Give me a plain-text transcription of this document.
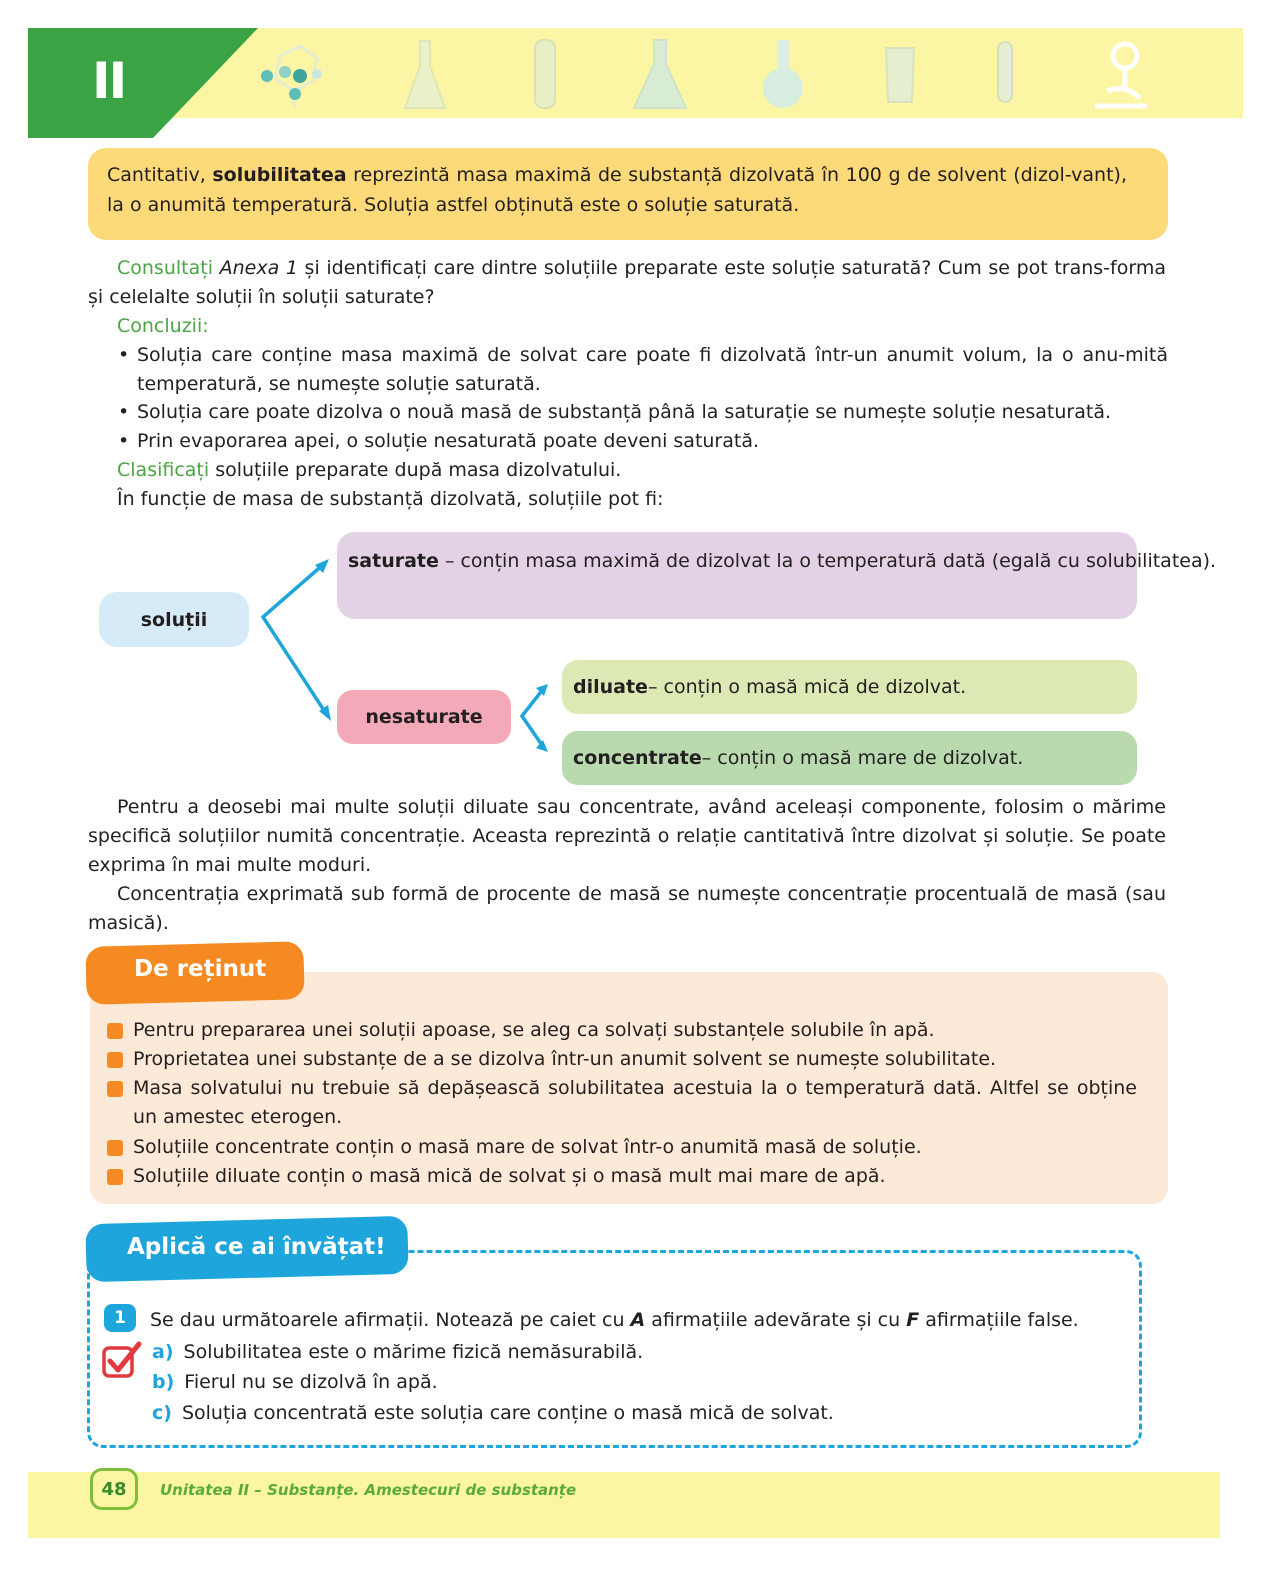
II
Cantitativ, solubilitatea reprezintă masa maximă de substanță dizolvată în 100 g de solvent (dizol-vant), la o anumită temperatură. Soluția astfel obținută este o soluție saturată.
Consultați Anexa 1 și identificați care dintre soluțiile preparate este soluție saturată? Cum se pot trans-forma și celelalte soluții în soluții saturate?
Concluzii:
• Soluția care conține masa maximă de solvat care poate fi dizolvată într-un anumit volum, la o anu-mită temperatură, se numește soluție saturată.
• Soluția care poate dizolva o nouă masă de substanță până la saturație se numește soluție nesaturată.
• Prin evaporarea apei, o soluție nesaturată poate deveni saturată.
Clasificați soluțiile preparate după masa dizolvatului.
În funcție de masa de substanță dizolvată, soluțiile pot fi:
soluții
saturate – conțin masa maximă de dizolvat la o temperatură dată (egală cu solubilitatea).
nesaturate
diluate – conțin o masă mică de dizolvat.
concentrate – conțin o masă mare de dizolvat.
Pentru a deosebi mai multe soluții diluate sau concentrate, având aceleași componente, folosim o mărime specifică soluțiilor numită concentrație. Aceasta reprezintă o relație cantitativă între dizolvat și soluție. Se poate exprima în mai multe moduri.
Concentrația exprimată sub formă de procente de masă se numește concentrație procentuală de masă (sau masică).
De reținut
Pentru prepararea unei soluții apoase, se aleg ca solvați substanțele solubile în apă.
Proprietatea unei substanțe de a se dizolva într-un anumit solvent se numește solubilitate.
Masa solvatului nu trebuie să depășească solubilitatea acestuia la o temperatură dată. Altfel se obține un amestec eterogen.
Soluțiile concentrate conțin o masă mare de solvat într-o anumită masă de soluție.
Soluțiile diluate conțin o masă mică de solvat și o masă mult mai mare de apă.
Aplică ce ai învățat!
1	Se dau următoarele afirmații. Notează pe caiet cu A afirmațiile adevărate și cu F afirmațiile false.
a) Solubilitatea este o mărime fizică nemăsurabilă.
b) Fierul nu se dizolvă în apă.
c) Soluția concentrată este soluția care conține o masă mică de solvat.
48	Unitatea II – Substanțe. Amestecuri de substanțe
